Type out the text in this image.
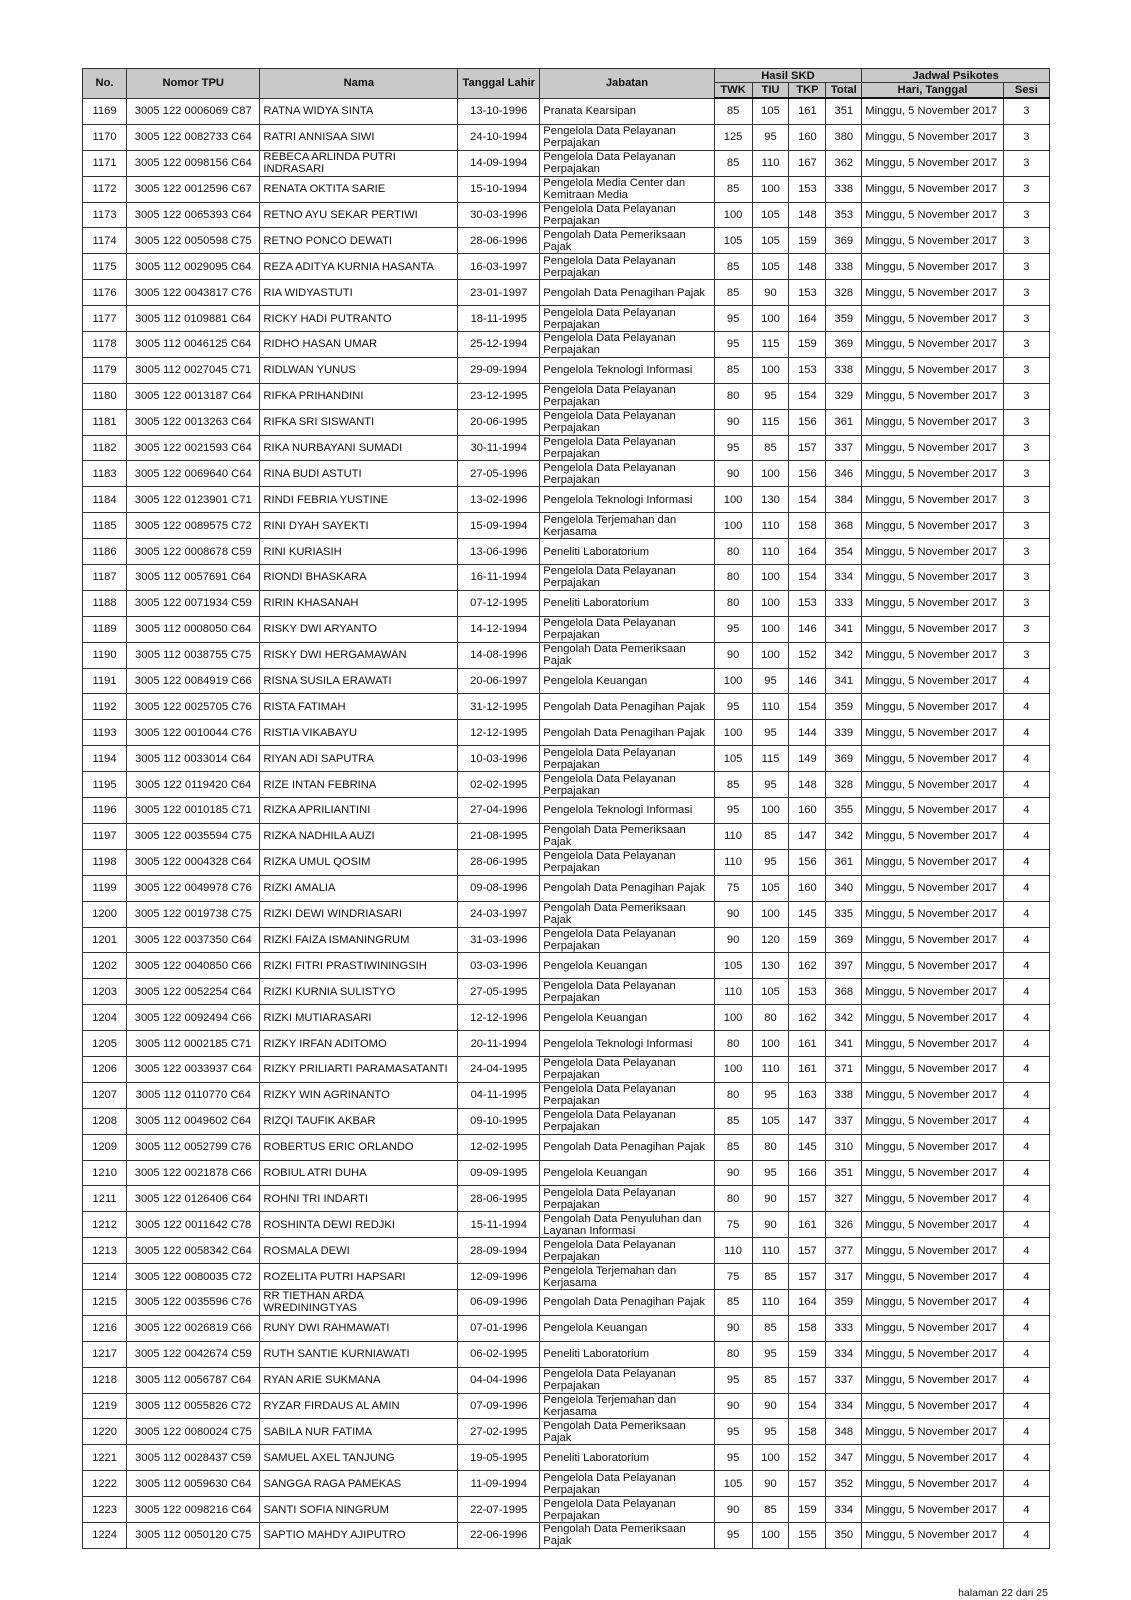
No.	Nomor TPU	Nama	Tanggal Lahir	Jabatan	Hasil SKD				Jadwal Psikotes	
					TWK	TIU	TKP	Total	Hari, Tanggal	Sesi
1169	3005 122 0006069 C87	RATNA WIDYA SINTA	13-10-1996	Pranata Kearsipan	85	105	161	351	Minggu, 5 November 2017	3
1170	3005 122 0082733 C64	RATRI ANNISAA SIWI	24-10-1994	Pengelola Data Pelayanan Perpajakan	125	95	160	380	Minggu, 5 November 2017	3
1171	3005 122 0098156 C64	REBECA ARLINDA PUTRI INDRASARI	14-09-1994	Pengelola Data Pelayanan Perpajakan	85	110	167	362	Minggu, 5 November 2017	3
1172	3005 122 0012596 C67	RENATA OKTITA SARIE	15-10-1994	Pengelola Media Center dan Kemitraan Media	85	100	153	338	Minggu, 5 November 2017	3
1173	3005 122 0065393 C64	RETNO AYU SEKAR PERTIWI	30-03-1996	Pengelola Data Pelayanan Perpajakan	100	105	148	353	Minggu, 5 November 2017	3
1174	3005 122 0050598 C75	RETNO PONCO DEWATI	28-06-1996	Pengolah Data Pemeriksaan Pajak	105	105	159	369	Minggu, 5 November 2017	3
1175	3005 112 0029095 C64	REZA ADITYA KURNIA HASANTA	16-03-1997	Pengelola Data Pelayanan Perpajakan	85	105	148	338	Minggu, 5 November 2017	3
1176	3005 122 0043817 C76	RIA WIDYASTUTI	23-01-1997	Pengolah Data Penagihan Pajak	85	90	153	328	Minggu, 5 November 2017	3
1177	3005 112 0109881 C64	RICKY HADI PUTRANTO	18-11-1995	Pengelola Data Pelayanan Perpajakan	95	100	164	359	Minggu, 5 November 2017	3
1178	3005 112 0046125 C64	RIDHO HASAN UMAR	25-12-1994	Pengelola Data Pelayanan Perpajakan	95	115	159	369	Minggu, 5 November 2017	3
1179	3005 112 0027045 C71	RIDLWAN YUNUS	29-09-1994	Pengelola Teknologi Informasi	85	100	153	338	Minggu, 5 November 2017	3
1180	3005 122 0013187 C64	RIFKA PRIHANDINI	23-12-1995	Pengelola Data Pelayanan Perpajakan	80	95	154	329	Minggu, 5 November 2017	3
1181	3005 122 0013263 C64	RIFKA SRI SISWANTI	20-06-1995	Pengelola Data Pelayanan Perpajakan	90	115	156	361	Minggu, 5 November 2017	3
1182	3005 122 0021593 C64	RIKA NURBAYANI SUMADI	30-11-1994	Pengelola Data Pelayanan Perpajakan	95	85	157	337	Minggu, 5 November 2017	3
1183	3005 122 0069640 C64	RINA BUDI ASTUTI	27-05-1996	Pengelola Data Pelayanan Perpajakan	90	100	156	346	Minggu, 5 November 2017	3
1184	3005 122 0123901 C71	RINDI FEBRIA YUSTINE	13-02-1996	Pengelola Teknologi Informasi	100	130	154	384	Minggu, 5 November 2017	3
1185	3005 122 0089575 C72	RINI DYAH SAYEKTI	15-09-1994	Pengelola Terjemahan dan Kerjasama	100	110	158	368	Minggu, 5 November 2017	3
1186	3005 122 0008678 C59	RINI KURIASIH	13-06-1996	Peneliti Laboratorium	80	110	164	354	Minggu, 5 November 2017	3
1187	3005 112 0057691 C64	RIONDI BHASKARA	16-11-1994	Pengelola Data Pelayanan Perpajakan	80	100	154	334	Minggu, 5 November 2017	3
1188	3005 122 0071934 C59	RIRIN KHASANAH	07-12-1995	Peneliti Laboratorium	80	100	153	333	Minggu, 5 November 2017	3
1189	3005 112 0008050 C64	RISKY DWI ARYANTO	14-12-1994	Pengelola Data Pelayanan Perpajakan	95	100	146	341	Minggu, 5 November 2017	3
1190	3005 112 0038755 C75	RISKY DWI HERGAMAWAN	14-08-1996	Pengolah Data Pemeriksaan Pajak	90	100	152	342	Minggu, 5 November 2017	3
1191	3005 122 0084919 C66	RISNA SUSILA ERAWATI	20-06-1997	Pengelola Keuangan	100	95	146	341	Minggu, 5 November 2017	4
1192	3005 122 0025705 C76	RISTA FATIMAH	31-12-1995	Pengolah Data Penagihan Pajak	95	110	154	359	Minggu, 5 November 2017	4
1193	3005 122 0010044 C76	RISTIA VIKABAYU	12-12-1995	Pengolah Data Penagihan Pajak	100	95	144	339	Minggu, 5 November 2017	4
1194	3005 112 0033014 C64	RIYAN ADI SAPUTRA	10-03-1996	Pengelola Data Pelayanan Perpajakan	105	115	149	369	Minggu, 5 November 2017	4
1195	3005 122 0119420 C64	RIZE INTAN FEBRINA	02-02-1995	Pengelola Data Pelayanan Perpajakan	85	95	148	328	Minggu, 5 November 2017	4
1196	3005 122 0010185 C71	RIZKA APRILIANTINI	27-04-1996	Pengelola Teknologi Informasi	95	100	160	355	Minggu, 5 November 2017	4
1197	3005 122 0035594 C75	RIZKA NADHILA AUZI	21-08-1995	Pengolah Data Pemeriksaan Pajak	110	85	147	342	Minggu, 5 November 2017	4
1198	3005 122 0004328 C64	RIZKA UMUL QOSIM	28-06-1995	Pengelola Data Pelayanan Perpajakan	110	95	156	361	Minggu, 5 November 2017	4
1199	3005 122 0049978 C76	RIZKI AMALIA	09-08-1996	Pengolah Data Penagihan Pajak	75	105	160	340	Minggu, 5 November 2017	4
1200	3005 122 0019738 C75	RIZKI DEWI WINDRIASARI	24-03-1997	Pengolah Data Pemeriksaan Pajak	90	100	145	335	Minggu, 5 November 2017	4
1201	3005 122 0037350 C64	RIZKI FAIZA ISMANINGRUM	31-03-1996	Pengelola Data Pelayanan Perpajakan	90	120	159	369	Minggu, 5 November 2017	4
1202	3005 122 0040850 C66	RIZKI FITRI PRASTIWININGSIH	03-03-1996	Pengelola Keuangan	105	130	162	397	Minggu, 5 November 2017	4
1203	3005 122 0052254 C64	RIZKI KURNIA SULISTYO	27-05-1995	Pengelola Data Pelayanan Perpajakan	110	105	153	368	Minggu, 5 November 2017	4
1204	3005 122 0092494 C66	RIZKI MUTIARASARI	12-12-1996	Pengelola Keuangan	100	80	162	342	Minggu, 5 November 2017	4
1205	3005 112 0002185 C71	RIZKY IRFAN ADITOMO	20-11-1994	Pengelola Teknologi Informasi	80	100	161	341	Minggu, 5 November 2017	4
1206	3005 122 0033937 C64	RIZKY PRILIARTI PARAMASATANTI	24-04-1995	Pengelola Data Pelayanan Perpajakan	100	110	161	371	Minggu, 5 November 2017	4
1207	3005 112 0110770 C64	RIZKY WIN AGRINANTO	04-11-1995	Pengelola Data Pelayanan Perpajakan	80	95	163	338	Minggu, 5 November 2017	4
1208	3005 112 0049602 C64	RIZQI TAUFIK AKBAR	09-10-1995	Pengelola Data Pelayanan Perpajakan	85	105	147	337	Minggu, 5 November 2017	4
1209	3005 112 0052799 C76	ROBERTUS ERIC ORLANDO	12-02-1995	Pengolah Data Penagihan Pajak	85	80	145	310	Minggu, 5 November 2017	4
1210	3005 122 0021878 C66	ROBIUL ATRI DUHA	09-09-1995	Pengelola Keuangan	90	95	166	351	Minggu, 5 November 2017	4
1211	3005 122 0126406 C64	ROHNI TRI INDARTI	28-06-1995	Pengelola Data Pelayanan Perpajakan	80	90	157	327	Minggu, 5 November 2017	4
1212	3005 122 0011642 C78	ROSHINTA DEWI REDJKI	15-11-1994	Pengolah Data Penyuluhan dan Layanan Informasi	75	90	161	326	Minggu, 5 November 2017	4
1213	3005 122 0058342 C64	ROSMALA DEWI	28-09-1994	Pengelola Data Pelayanan Perpajakan	110	110	157	377	Minggu, 5 November 2017	4
1214	3005 122 0080035 C72	ROZELITA PUTRI HAPSARI	12-09-1996	Pengelola Terjemahan dan Kerjasama	75	85	157	317	Minggu, 5 November 2017	4
1215	3005 122 0035596 C76	RR TIETHAN ARDA WREDININGTYAS	06-09-1996	Pengolah Data Penagihan Pajak	85	110	164	359	Minggu, 5 November 2017	4
1216	3005 122 0026819 C66	RUNY DWI RAHMAWATI	07-01-1996	Pengelola Keuangan	90	85	158	333	Minggu, 5 November 2017	4
1217	3005 122 0042674 C59	RUTH SANTIE KURNIAWATI	06-02-1995	Peneliti Laboratorium	80	95	159	334	Minggu, 5 November 2017	4
1218	3005 112 0056787 C64	RYAN ARIE SUKMANA	04-04-1996	Pengelola Data Pelayanan Perpajakan	95	85	157	337	Minggu, 5 November 2017	4
1219	3005 112 0055826 C72	RYZAR FIRDAUS AL AMIN	07-09-1996	Pengelola Terjemahan dan Kerjasama	90	90	154	334	Minggu, 5 November 2017	4
1220	3005 122 0080024 C75	SABILA NUR FATIMA	27-02-1995	Pengolah Data Pemeriksaan Pajak	95	95	158	348	Minggu, 5 November 2017	4
1221	3005 112 0028437 C59	SAMUEL AXEL TANJUNG	19-05-1995	Peneliti Laboratorium	95	100	152	347	Minggu, 5 November 2017	4
1222	3005 112 0059630 C64	SANGGA RAGA PAMEKAS	11-09-1994	Pengelola Data Pelayanan Perpajakan	105	90	157	352	Minggu, 5 November 2017	4
1223	3005 122 0098216 C64	SANTI SOFIA NINGRUM	22-07-1995	Pengelola Data Pelayanan Perpajakan	90	85	159	334	Minggu, 5 November 2017	4
1224	3005 112 0050120 C75	SAPTIO MAHDY AJIPUTRO	22-06-1996	Pengolah Data Pemeriksaan Pajak	95	100	155	350	Minggu, 5 November 2017	4
halaman 22 dari 25
